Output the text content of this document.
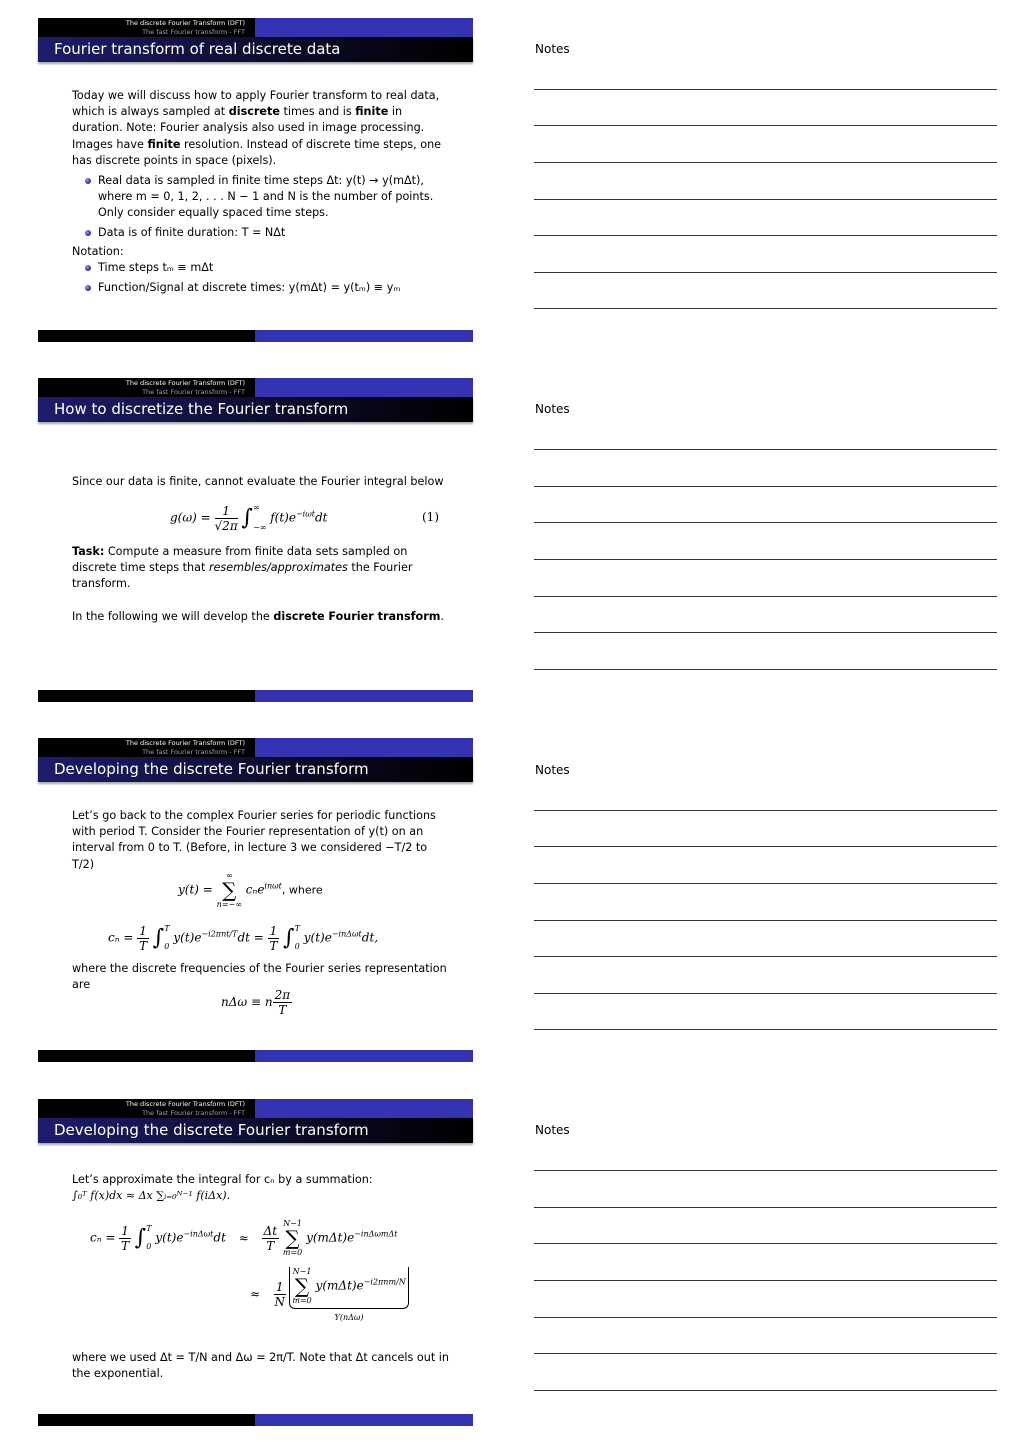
The discrete Fourier Transform (DFT)
The fast Fourier transform - FFT
Fourier transform of real discrete data

Today we will discuss how to apply Fourier transform to real data, which is always sampled at discrete times and is finite in duration. Note: Fourier analysis also used in image processing. Images have finite resolution. Instead of discrete time steps, one has discrete points in space (pixels).

Real data is sampled in finite time steps Δt: y(t) → y(mΔt), where m = 0, 1, 2, . . . N − 1 and N is the number of points. Only consider equally spaced time steps.
Data is of finite duration: T = NΔt

Notation:

Time steps tₘ ≡ mΔt
Function/Signal at discrete times: y(mΔt) = y(tₘ) ≡ yₘ
Notes
The discrete Fourier Transform (DFT)
The fast Fourier transform - FFT
How to discretize the Fourier transform

Since our data is finite, cannot evaluate the Fourier integral below

$g(\omega) = \frac{1}{√2\pi}$ ∫ ∞
−∞
$f(t)e^{-i\omega t}dt$	(1)

Task: Compute a measure from finite data sets sampled on discrete time steps that resembles/approximates the Fourier transform.

In the following we will develop the discrete Fourier transform.

Notes
The discrete Fourier Transform (DFT)
The fast Fourier transform - FFT
Developing the discrete Fourier transform

Let’s go back to the complex Fourier series for periodic functions with period T. Consider the Fourier representation of y(t) on an interval from 0 to T. (Before, in lecture 3 we considered −T/2 to T/2)

y(t) =
∞
∑
n=−∞
cₙe$^{in\omega t}$, where
$c_n = \frac{1}{T}$ ∫ T
0
$y(t)e^{-i2\pi nt/T}dt = \frac{1}{T}$ ∫ T
0
$y(t)e^{-in\Delta\omega t}dt$,

where the discrete frequencies of the Fourier series representation are

nΔω ≡ n $\frac{2\pi}{T}$
Notes
The discrete Fourier Transform (DFT)
The fast Fourier transform - FFT
Developing the discrete Fourier transform

Let’s approximate the integral for cₙ by a summation:

∫₀ᵀ f(x)dx ≈ Δx ∑ᵢ₌₀ᴺ⁻¹ f(iΔx).

$c_n = \frac{1}{T}$ ∫ T
0
$y(t)e^{-in\Delta\omega t}dt \approx \frac{\Delta t}{T}$
N−1
∑
m=0
$y(m\Delta t)e^{-in\Delta\omega m\Delta t}$
≈ $\frac{1}{N}$

N−1
∑
m=0
$y(m\Delta t)e^{-i2\pi nm/N}$
Y(nΔω)

where we used Δt = T/N and Δω = 2π/T. Note that Δt cancels out in the exponential.

Notes
